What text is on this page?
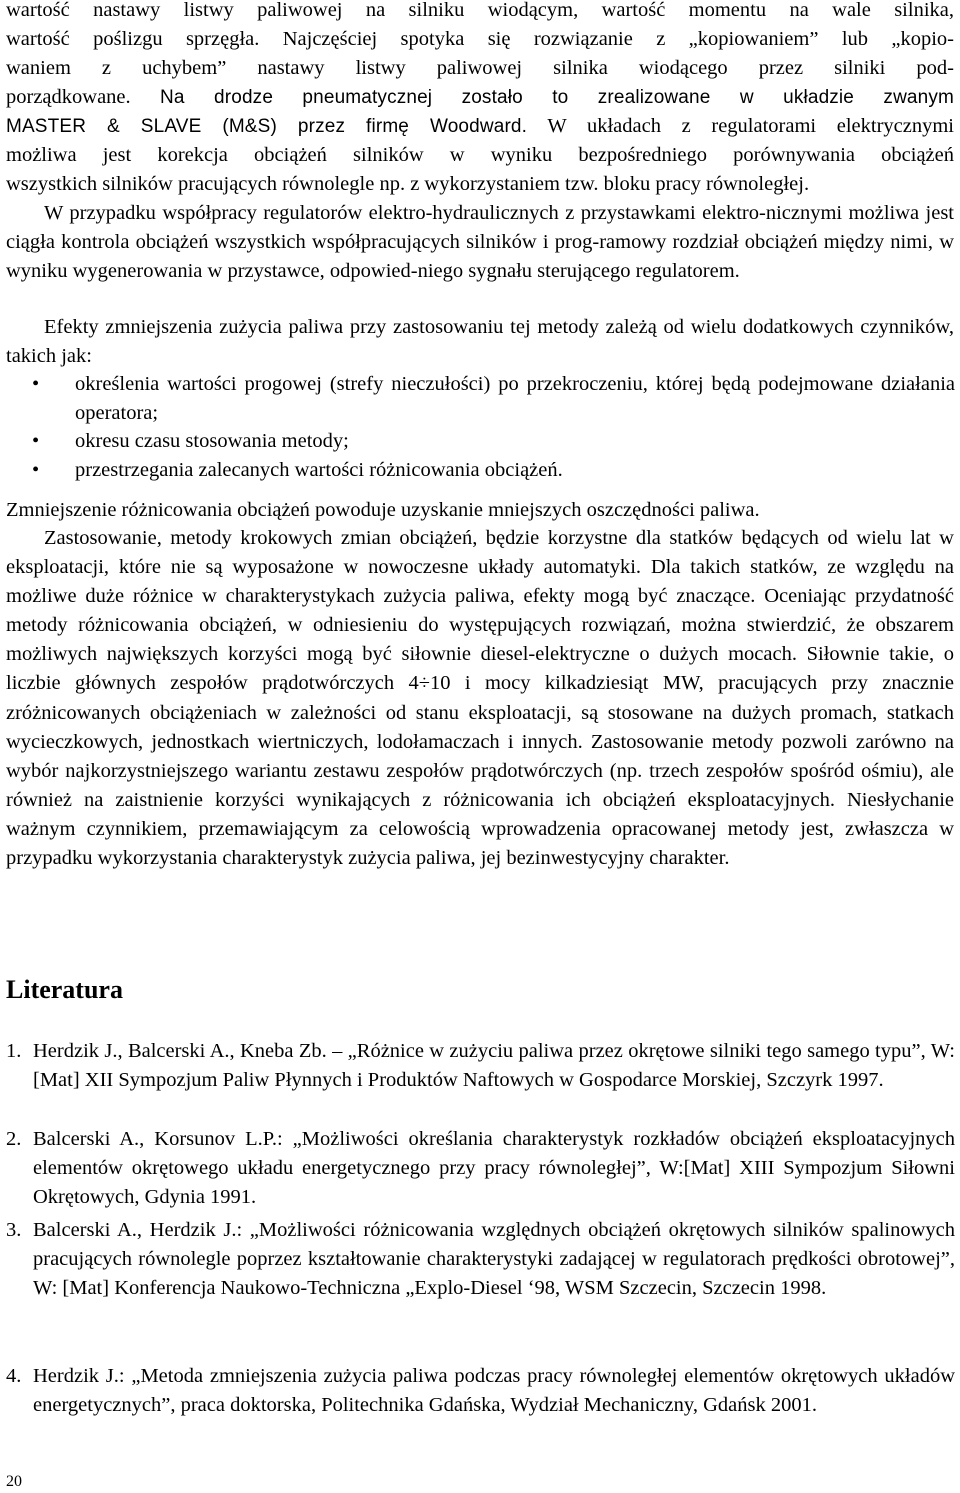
wartość nastawy listwy paliwowej na silniku wiodącym, wartość momentu na wale silnika,

wartość poślizgu sprzęgła. Najczęściej spotyka się rozwiązanie z „kopiowaniem” lub „kopio-

waniem z uchybem” nastawy listwy paliwowej silnika wiodącego przez silniki pod-

porządkowane. Na drodze pneumatycznej zostało to zrealizowane w układzie zwanym

MASTER & SLAVE (M&S) przez firmę Woodward. W układach z regulatorami elektrycznymi

możliwa jest korekcja obciążeń silników w wyniku bezpośredniego porównywania obciążeń

wszystkich silników pracujących równolegle np. z wykorzystaniem tzw. bloku pracy równoległej.

W przypadku współpracy regulatorów elektro-hydraulicznych z przystawkami elektro-nicznymi możliwa jest ciągła kontrola obciążeń wszystkich współpracujących silników i prog-ramowy rozdział obciążeń między nimi, w wyniku wygenerowania w przystawce, odpowied-niego sygnału sterującego regulatorem.

Efekty zmniejszenia zużycia paliwa przy zastosowaniu tej metody zależą od wielu dodatkowych czynników, takich jak:

• określenia wartości progowej (strefy nieczułości) po przekroczeniu, której będą podejmowane działania operatora;

• okresu czasu stosowania metody;

• przestrzegania zalecanych wartości różnicowania obciążeń.

Zmniejszenie różnicowania obciążeń powoduje uzyskanie mniejszych oszczędności paliwa.

Zastosowanie, metody krokowych zmian obciążeń, będzie korzystne dla statków będących od wielu lat w eksploatacji, które nie są wyposażone w nowoczesne układy automatyki. Dla takich statków, ze względu na możliwe duże różnice w charakterystykach zużycia paliwa, efekty mogą być znaczące. Oceniając przydatność metody różnicowania obciążeń, w odniesieniu do występujących rozwiązań, można stwierdzić, że obszarem możliwych największych korzyści mogą być siłownie diesel-elektryczne o dużych mocach. Siłownie takie, o liczbie głównych zespołów prądotwórczych 4÷10 i mocy kilkadziesiąt MW, pracujących przy znacznie zróżnicowanych obciążeniach w zależności od stanu eksploatacji, są stosowane na dużych promach, statkach wycieczkowych, jednostkach wiertniczych, lodołamaczach i innych. Zastosowanie metody pozwoli zarówno na wybór najkorzystniejszego wariantu zestawu zespołów prądotwórczych (np. trzech zespołów spośród ośmiu), ale również na zaistnienie korzyści wynikających z różnicowania ich obciążeń eksploatacyjnych. Niesłychanie ważnym czynnikiem, przemawiającym za celowością wprowadzenia opracowanej metody jest, zwłaszcza w przypadku wykorzystania charakterystyk zużycia paliwa, jej bezinwestycyjny charakter.

Literatura
1. Herdzik J., Balcerski A., Kneba Zb. – „Różnice w zużyciu paliwa przez okrętowe silniki tego samego typu”, W: [Mat] XII Sympozjum Paliw Płynnych i Produktów Naftowych w Gospodarce Morskiej, Szczyrk 1997.

2. Balcerski A., Korsunov L.P.: „Możliwości określania charakterystyk rozkładów obciążeń eksploatacyjnych elementów okrętowego układu energetycznego przy pracy równoległej”, W:[Mat] XIII Sympozjum Siłowni Okrętowych, Gdynia 1991.

3. Balcerski A., Herdzik J.: „Możliwości różnicowania względnych obciążeń okrętowych silników spalinowych pracujących równolegle poprzez kształtowanie charakterystyki zadającej w regulatorach prędkości obrotowej”, W: [Mat] Konferencja Naukowo-Techniczna „Explo-Diesel ‘98, WSM Szczecin, Szczecin 1998.

4. Herdzik J.: „Metoda zmniejszenia zużycia paliwa podczas pracy równoległej elementów okrętowych układów energetycznych”, praca doktorska, Politechnika Gdańska, Wydział Mechaniczny, Gdańsk 2001.

20
